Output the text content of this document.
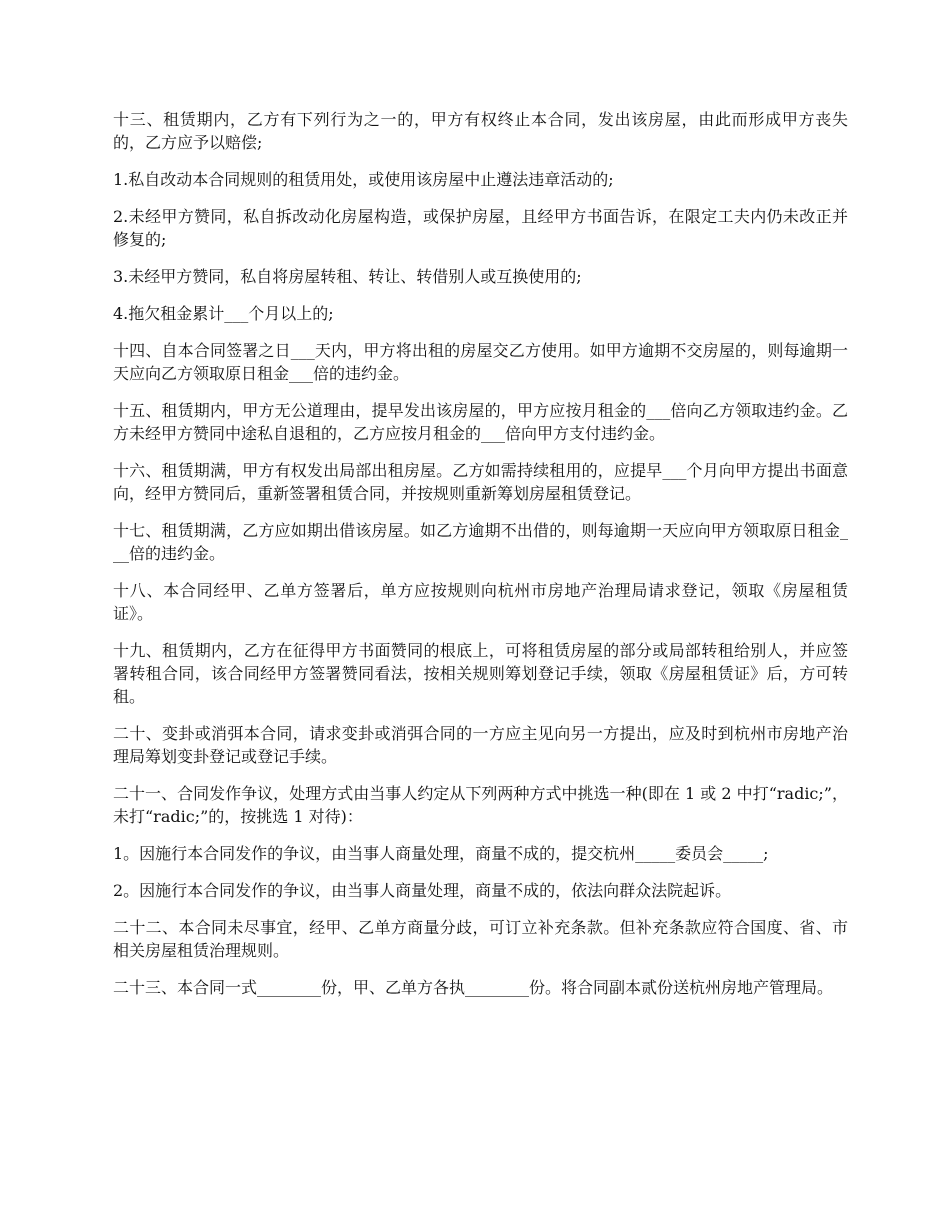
十三、租赁期内，乙方有下列行为之一的，甲方有权终止本合同，发出该房屋，由此而形成甲方丧失的，乙方应予以赔偿;

1.私自改动本合同规则的租赁用处，或使用该房屋中止遵法违章活动的;

2.未经甲方赞同，私自拆改动化房屋构造，或保护房屋，且经甲方书面告诉，在限定工夫内仍未改正并修复的;

3.未经甲方赞同，私自将房屋转租、转让、转借别人或互换使用的;

4.拖欠租金累计___个月以上的;

十四、自本合同签署之日___天内，甲方将出租的房屋交乙方使用。如甲方逾期不交房屋的，则每逾期一天应向乙方领取原日租金___倍的违约金。

十五、租赁期内，甲方无公道理由，提早发出该房屋的，甲方应按月租金的___倍向乙方领取违约金。乙方未经甲方赞同中途私自退租的，乙方应按月租金的___倍向甲方支付违约金。

十六、租赁期满，甲方有权发出局部出租房屋。乙方如需持续租用的，应提早___个月向甲方提出书面意向，经甲方赞同后，重新签署租赁合同，并按规则重新筹划房屋租赁登记。

十七、租赁期满，乙方应如期出借该房屋。如乙方逾期不出借的，则每逾期一天应向甲方领取原日租金___倍的违约金。

十八、本合同经甲、乙单方签署后，单方应按规则向杭州市房地产治理局请求登记，领取《房屋租赁证》。

十九、租赁期内，乙方在征得甲方书面赞同的根底上，可将租赁房屋的部分或局部转租给别人，并应签署转租合同，该合同经甲方签署赞同看法，按相关规则筹划登记手续，领取《房屋租赁证》后，方可转租。

二十、变卦或消弭本合同，请求变卦或消弭合同的一方应主见向另一方提出，应及时到杭州市房地产治理局筹划变卦登记或登记手续。

二十一、合同发作争议，处理方式由当事人约定从下列两种方式中挑选一种(即在 1 或 2 中打“radic;”，未打“radic;”的，按挑选 1 对待)：

1。因施行本合同发作的争议，由当事人商量处理，商量不成的，提交杭州_____委员会_____;

2。因施行本合同发作的争议，由当事人商量处理，商量不成的，依法向群众法院起诉。

二十二、本合同未尽事宜，经甲、乙单方商量分歧，可订立补充条款。但补充条款应符合国度、省、市相关房屋租赁治理规则。

二十三、本合同一式________份，甲、乙单方各执________份。将合同副本贰份送杭州房地产管理局。
